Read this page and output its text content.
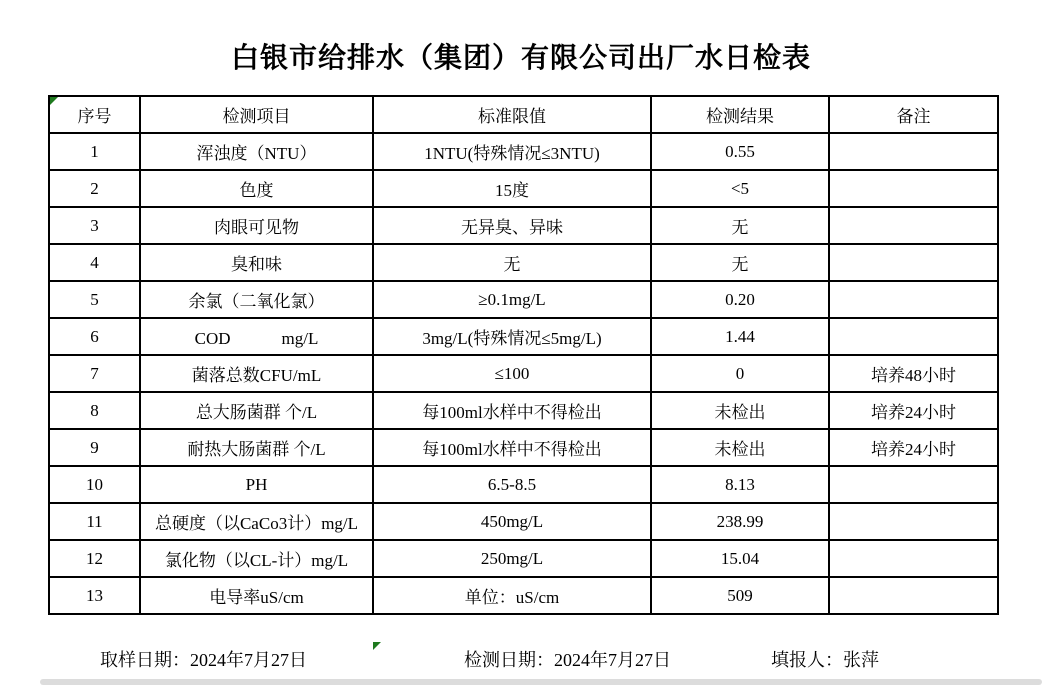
白银市给排水（集团）有限公司出厂水日检表
序号	检测项目	标准限值	检测结果	备注
1	浑浊度（NTU）	1NTU(特殊情况≤3NTU)	0.55	
2	色度	15度	<5	
3	肉眼可见物	无异臭、异味	无	
4	臭和味	无	无	
5	余氯（二氧化氯）	≥0.1mg/L	0.20	
6	COD　　　mg/L	3mg/L(特殊情况≤5mg/L)	1.44	
7	菌落总数CFU/mL	≤100	0	培养48小时
8	总大肠菌群 个/L	每100ml水样中不得检出	未检出	培养24小时
9	耐热大肠菌群 个/L	每100ml水样中不得检出	未检出	培养24小时
10	PH	6.5-8.5	8.13	
11	总硬度（以CaCo3计）mg/L	450mg/L	238.99	
12	氯化物（以CL-计）mg/L	250mg/L	15.04	
13	电导率uS/cm	单位：uS/cm	509	
取样日期：2024年7月27日	检测日期：2024年7月27日	填报人：张萍
